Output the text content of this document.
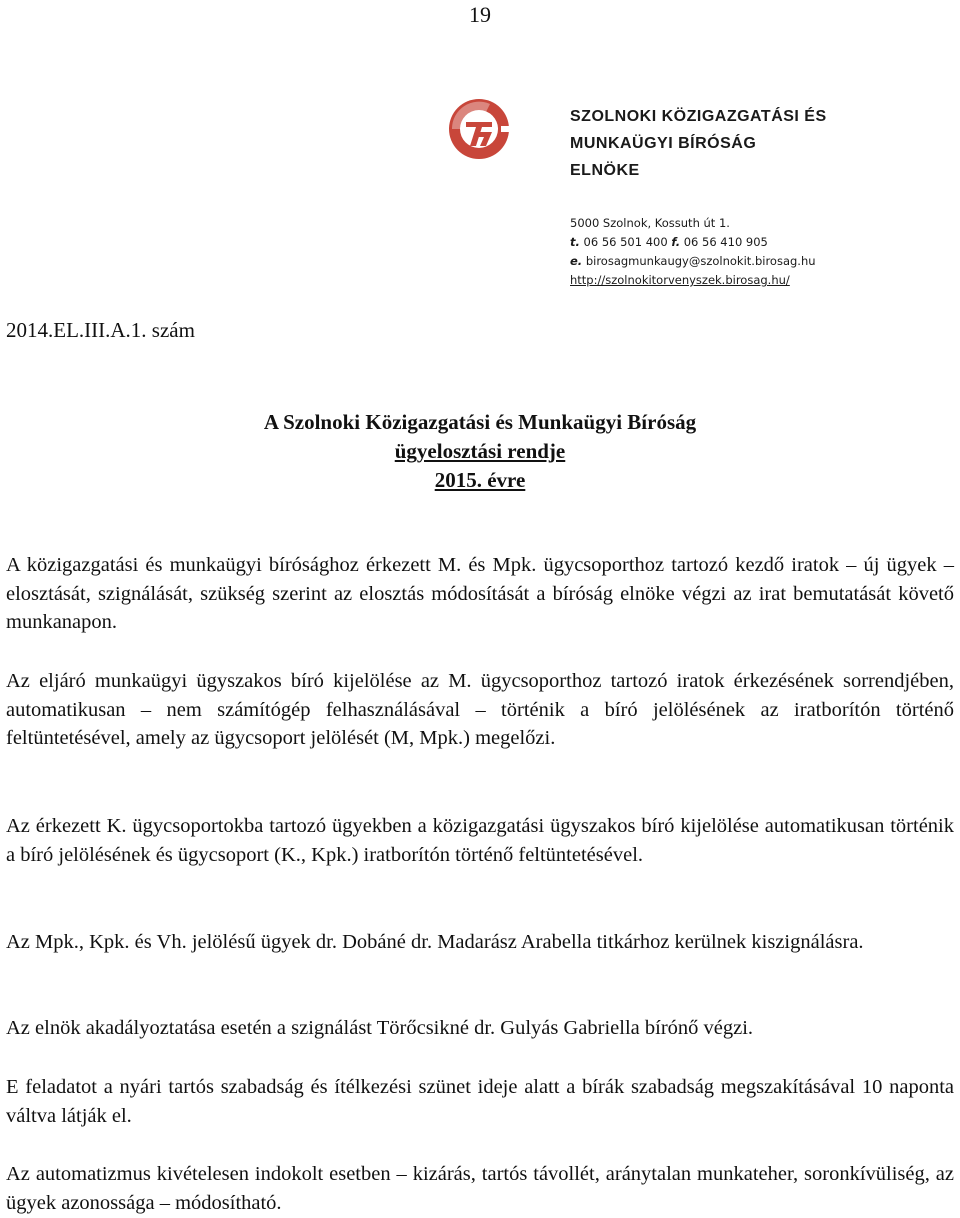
19
SZOLNOKI KÖZIGAZGATÁSI ÉS
MUNKAÜGYI BÍRÓSÁG
ELNÖKE
5000 Szolnok, Kossuth út 1.
t. 06 56 501 400 f. 06 56 410 905
e. birosagmunkaugy@szolnokit.birosag.hu
http://szolnokitorvenyszek.birosag.hu/
2014.EL.III.A.1. szám
A Szolnoki Közigazgatási és Munkaügyi Bíróság
ügyelosztási rendje
2015. évre
A közigazgatási és munkaügyi bírósághoz érkezett M. és Mpk. ügycsoporthoz tartozó kezdő iratok – új ügyek – elosztását, szignálását, szükség szerint az elosztás módosítását a bíróság elnöke végzi az irat bemutatását követő munkanapon.
Az eljáró munkaügyi ügyszakos bíró kijelölése az M. ügycsoporthoz tartozó iratok érkezésének sorrendjében, automatikusan – nem számítógép felhasználásával – történik a bíró jelölésének az iratborítón történő feltüntetésével, amely az ügycsoport jelölését (M, Mpk.) megelőzi.
Az érkezett K. ügycsoportokba tartozó ügyekben a közigazgatási ügyszakos bíró kijelölése automatikusan történik a bíró jelölésének és ügycsoport (K., Kpk.) iratborítón történő feltüntetésével.
Az Mpk., Kpk. és Vh. jelölésű ügyek dr. Dobáné dr. Madarász Arabella titkárhoz kerülnek kiszignálásra.
Az elnök akadályoztatása esetén a szignálást Törőcsikné dr. Gulyás Gabriella bírónő végzi.
E feladatot a nyári tartós szabadság és ítélkezési szünet ideje alatt a bírák szabadság megszakításával 10 naponta váltva látják el.
Az automatizmus kivételesen indokolt esetben – kizárás, tartós távollét, aránytalan munkateher, soronkívüliség, az ügyek azonossága – módosítható.
